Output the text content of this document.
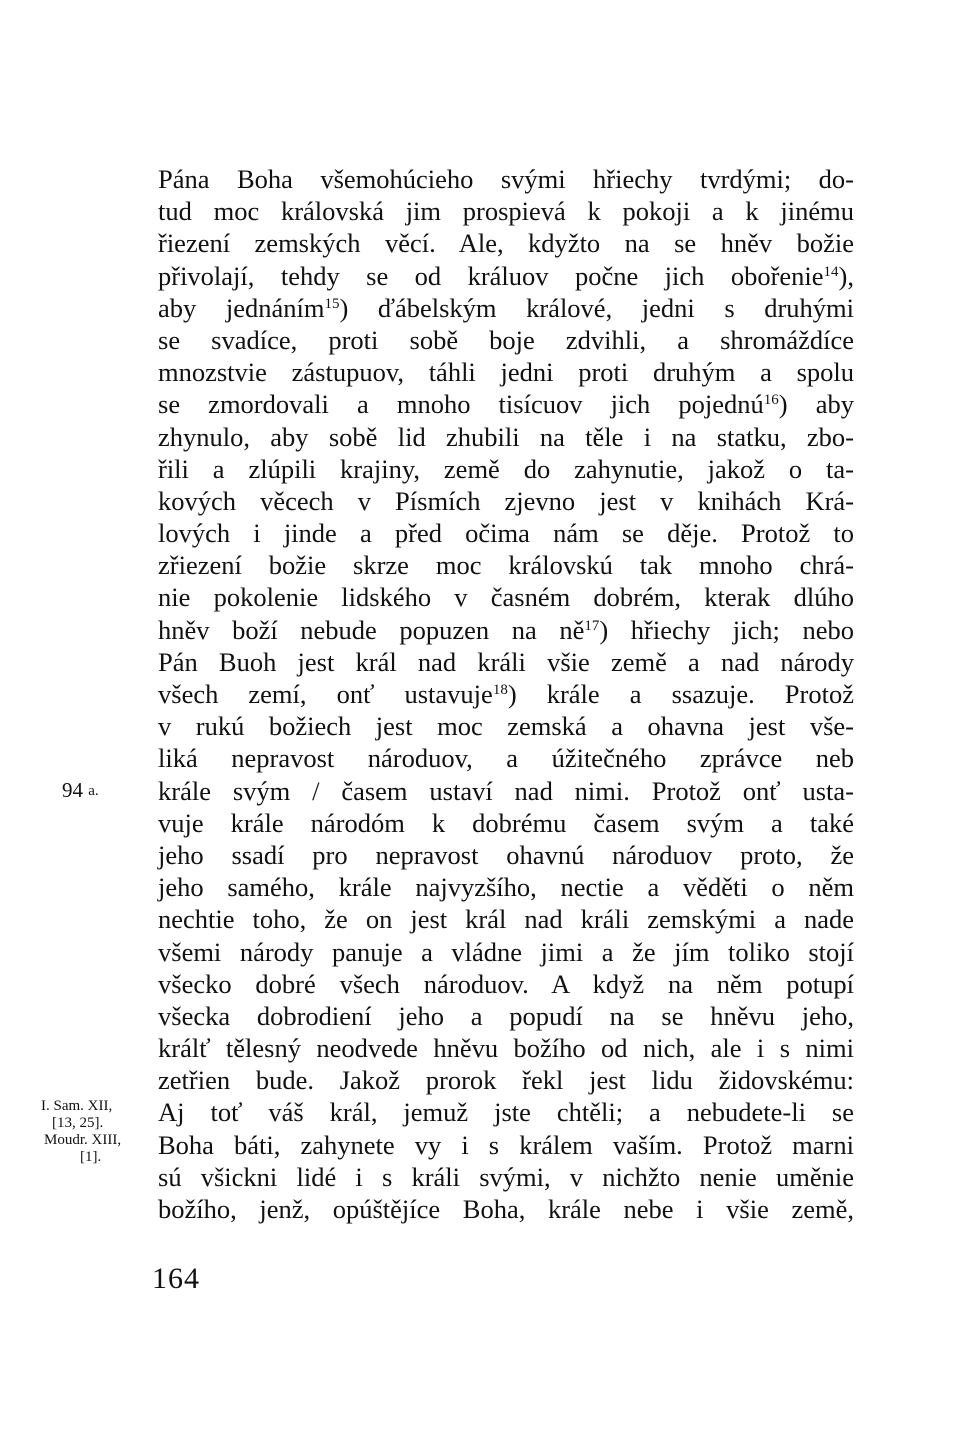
Pána Boha všemohúcieho svými hřiechy tvrdými; do-
tud moc královská jim prospievá k pokoji a k jinému
řiezení zemských věcí. Ale, kdyžto na se hněv božie
přivolají, tehdy se od králuov počne jich obořenie$^{14}$),
aby jednáním$^{15}$) ďábelským králové, jedni s druhými
se svadíce, proti sobě boje zdvihli, a shromáždíce
mnozstvie zástupuov, táhli jedni proti druhým a spolu
se zmordovali a mnoho tisícuov jich pojednú$^{16}$) aby
zhynulo, aby sobě lid zhubili na těle i na statku, zbo-
řili a zlúpili krajiny, země do zahynutie, jakož o ta-
kových věcech v Písmích zjevno jest v knihách Krá-
lových i jinde a před očima nám se děje. Protož to
zřiezení božie skrze moc královskú tak mnoho chrá-
nie pokolenie lidského v časném dobrém, kterak dlúho
hněv boží nebude popuzen na $ně^{17}$) hřiechy jich; nebo
Pán Buoh jest král nad králi všie země a nad národy
všech zemí, onť ustavuje$^{18}$) krále a ssazuje. Protož
v rukú božiech jest moc zemská a ohavna jest vše-
liká nepravost národuov, a úžitečného zprávce neb
krále svým / časem ustaví nad nimi. Protož onť usta-
vuje krále národóm k dobrému časem svým a také
jeho ssadí pro nepravost ohavnú národuov proto, že
jeho samého, krále najvyzšího, nectie a věděti o něm
nechtie toho, že on jest král nad králi zemskými a nade
všemi národy panuje a vládne jimi a že jím toliko stojí
všecko dobré všech národuov. A když na něm potupí
všecka dobrodiení jeho a popudí na se hněvu jeho,
králť tělesný neodvede hněvu božího od nich, ale i s nimi
zetřien bude. Jakož prorok řekl jest lidu židovskému:
Aj toť váš král, jemuž jste chtěli; a nebudete-li se
Boha báti, zahynete vy i s králem vaším. Protož marni
sú všickni lidé i s králi svými, v nichžto nenie uměnie
božího, jenž, opúštějíce Boha, krále nebe i všie země,
94 a.
I. Sam. XII,
[13, 25].
Moudr. XIII,
[1].
164
